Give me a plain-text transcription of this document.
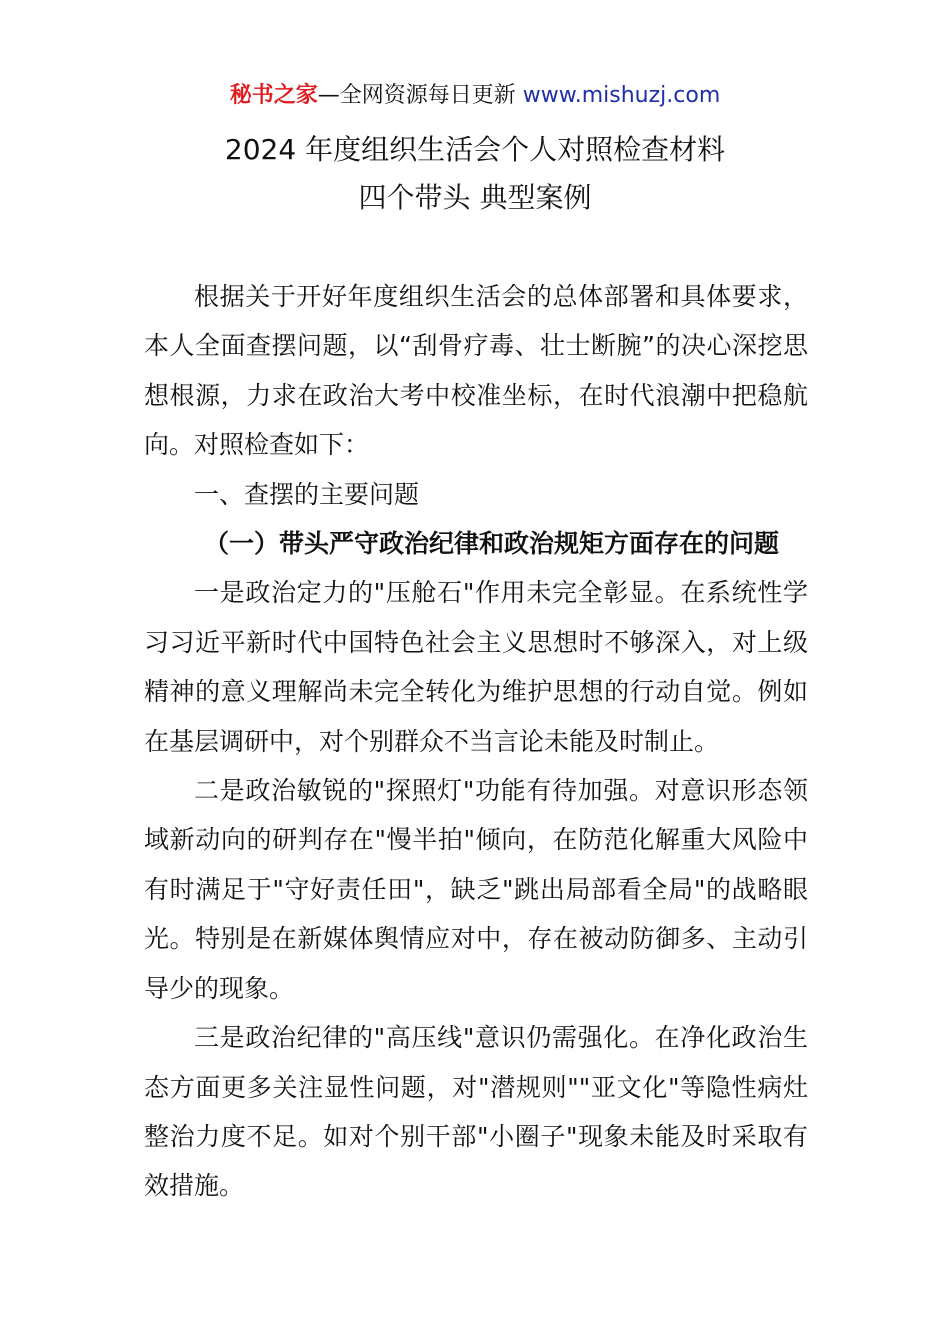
秘书之家—全网资源每日更新 www.mishuzj.com
2024 年度组织生活会个人对照检查材料
四个带头 典型案例

根据关于开好年度组织生活会的总体部署和具体要求，本人全面查摆问题，以“刮骨疗毒、壮士断腕”的决心深挖思想根源，力求在政治大考中校准坐标，在时代浪潮中把稳航向。对照检查如下：

一、查摆的主要问题

（一）带头严守政治纪律和政治规矩方面存在的问题

一是政治定力的"压舱石"作用未完全彰显。在系统性学习习近平新时代中国特色社会主义思想时不够深入，对上级精神的意义理解尚未完全转化为维护思想的行动自觉。例如在基层调研中，对个别群众不当言论未能及时制止。

二是政治敏锐的"探照灯"功能有待加强。对意识形态领域新动向的研判存在"慢半拍"倾向，在防范化解重大风险中有时满足于"守好责任田"，缺乏"跳出局部看全局"的战略眼光。特别是在新媒体舆情应对中，存在被动防御多、主动引导少的现象。

三是政治纪律的"高压线"意识仍需强化。在净化政治生态方面更多关注显性问题，对"潜规则""亚文化"等隐性病灶整治力度不足。如对个别干部"小圈子"现象未能及时采取有效措施。
